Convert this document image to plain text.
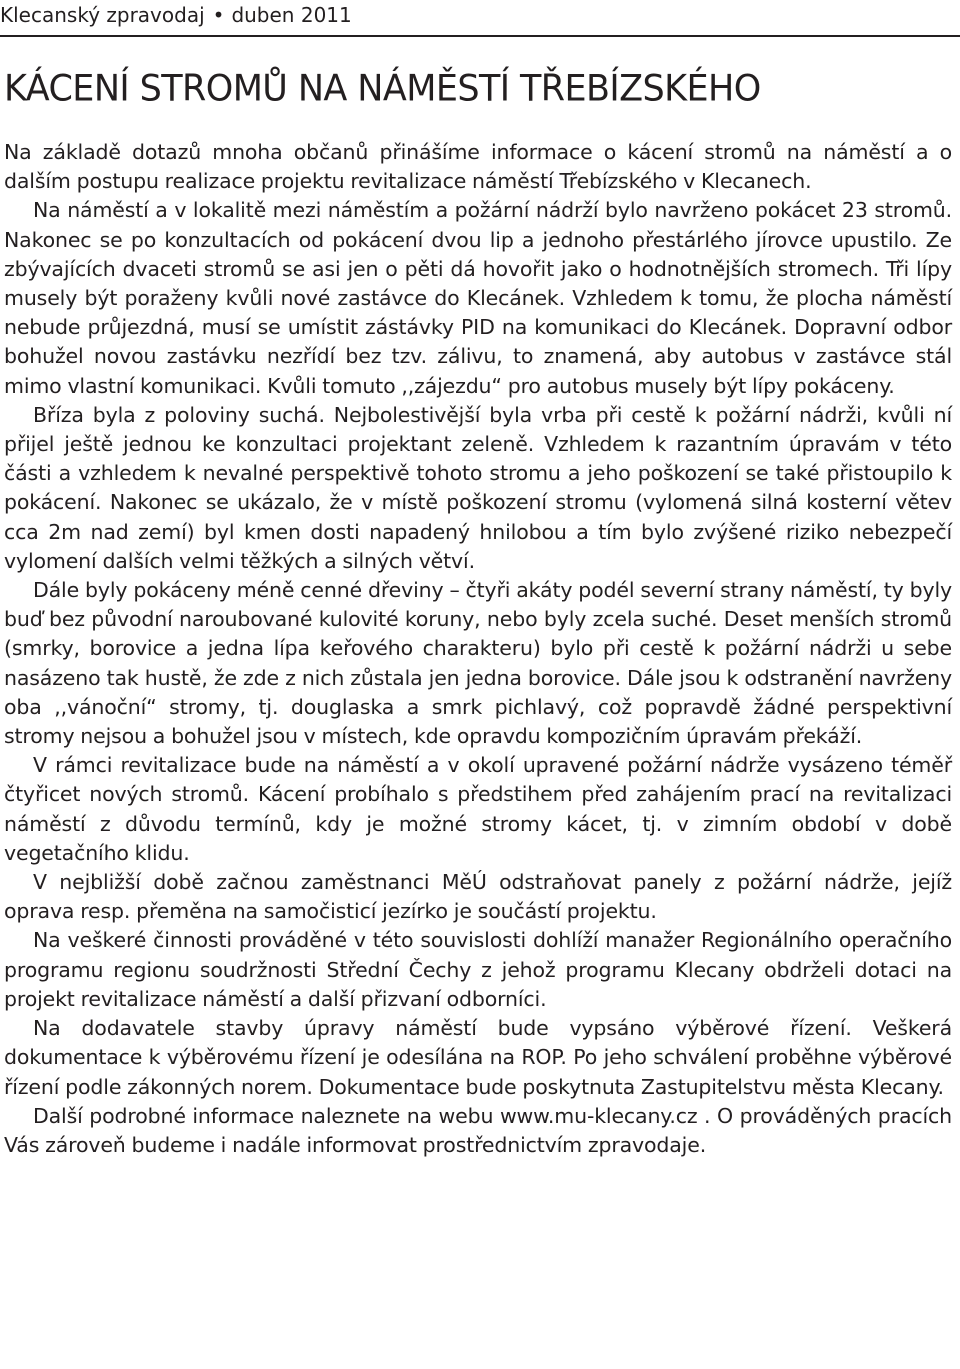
Klecanský zpravodaj • duben 2011
KÁCENÍ STROMŮ NA NÁMĚSTÍ TŘEBÍZSKÉHO

Na základě dotazů mnoha občanů přinášíme informace o kácení stromů na náměstí a o dalším postupu realizace projektu revitalizace náměstí Třebízského v Klecanech.

Na náměstí a v lokalitě mezi náměstím a požární nádrží bylo navrženo pokácet 23 stromů. Nakonec se po konzultacích od pokácení dvou lip a jednoho přestárlého jírovce upustilo. Ze zbývajících dvaceti stromů se asi jen o pěti dá hovořit jako o hodnotnějších stromech. Tři lípy musely být poraženy kvůli nové zastávce do Klecánek. Vzhledem k tomu, že plocha náměstí nebude průjezdná, musí se umístit zástávky PID na komunikaci do Klecánek. Dopravní odbor bohužel novou zastávku nezřídí bez tzv. zálivu, to znamená, aby autobus v zastávce stál mimo vlastní komunikaci. Kvůli tomuto ,,zájezdu“ pro autobus musely být lípy pokáceny.

Bříza byla z poloviny suchá. Nejbolestivější byla vrba při cestě k požární nádrži, kvůli ní přijel ještě jednou ke konzultaci projektant zeleně. Vzhledem k razantním úpravám v této části a vzhledem k nevalné perspektivě tohoto stromu a jeho poškození se také přistoupilo k pokácení. Nakonec se ukázalo, že v místě poškození stromu (vylomená silná kosterní větev cca 2m nad zemí) byl kmen dosti napadený hnilobou a tím bylo zvýšené riziko nebezpečí vylomení dalších velmi těžkých a silných větví.

Dále byly pokáceny méně cenné dřeviny – čtyři akáty podél severní strany náměstí, ty byly buď bez původní naroubované kulovité koruny, nebo byly zcela suché. Deset menších stromů (smrky, borovice a jedna lípa keřového charakteru) bylo při cestě k požární nádrži u sebe nasázeno tak hustě, že zde z nich zůstala jen jedna borovice. Dále jsou k odstranění navrženy oba ,,vánoční“ stromy, tj. douglaska a smrk pichlavý, což popravdě žádné perspektivní stromy nejsou a bohužel jsou v místech, kde opravdu kompozičním úpravám překáží.

V rámci revitalizace bude na náměstí a v okolí upravené požární nádrže vysázeno téměř čtyřicet nových stromů. Kácení probíhalo s předstihem před zahájením prací na revitalizaci náměstí z důvodu termínů, kdy je možné stromy kácet, tj. v zimním období v době vegetačního klidu.

V nejbližší době začnou zaměstnanci MěÚ odstraňovat panely z požární nádrže, jejíž oprava resp. přeměna na samočisticí jezírko je součástí projektu.

Na veškeré činnosti prováděné v této souvislosti dohlíží manažer Regionálního operačního programu regionu soudržnosti Střední Čechy z jehož programu Klecany obdrželi dotaci na projekt revitalizace náměstí a další přizvaní odborníci.

Na dodavatele stavby úpravy náměstí bude vypsáno výběrové řízení. Veškerá dokumentace k výběrovému řízení je odesílána na ROP. Po jeho schválení proběhne výběrové řízení podle zákonných norem. Dokumentace bude poskytnuta Zastupitelstvu města Klecany.

Další podrobné informace naleznete na webu www.mu-klecany.cz . O prováděných pracích Vás zároveň budeme i nadále informovat prostřednictvím zpravodaje.
